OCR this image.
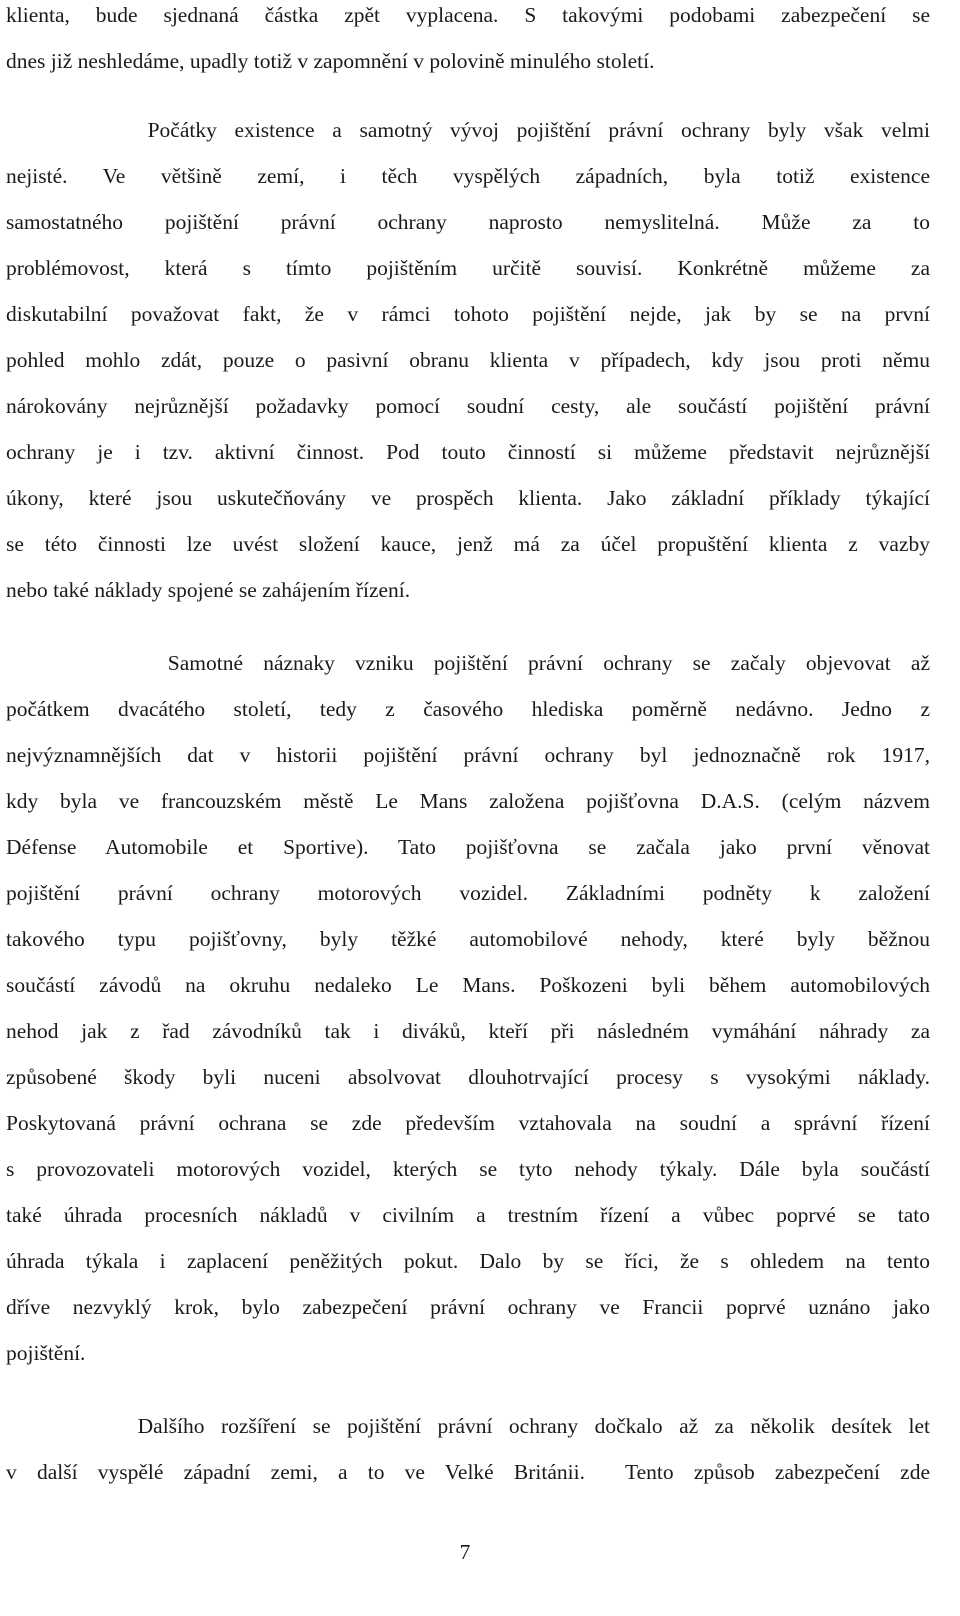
klienta, bude sjednaná částka zpět vyplacena. S takovými podobami zabezpečení se
dnes již neshledáme, upadly totiž v zapomnění v polovině minulého století.
Počátky existence a samotný vývoj pojištění právní ochrany byly však velmi
nejisté. Ve většině zemí, i těch vyspělých západních, byla totiž existence
samostatného pojištění právní ochrany naprosto nemyslitelná. Může za to
problémovost, která s tímto pojištěním určitě souvisí. Konkrétně můžeme za
diskutabilní považovat fakt, že v rámci tohoto pojištění nejde, jak by se na první
pohled mohlo zdát, pouze o pasivní obranu klienta v případech, kdy jsou proti němu
nárokovány nejrůznější požadavky pomocí soudní cesty, ale součástí pojištění právní
ochrany je i tzv. aktivní činnost. Pod touto činností si můžeme představit nejrůznější
úkony, které jsou uskutečňovány ve prospěch klienta. Jako základní příklady týkající
se této činnosti lze uvést složení kauce, jenž má za účel propuštění klienta z vazby
nebo také náklady spojené se zahájením řízení.
Samotné náznaky vzniku pojištění právní ochrany se začaly objevovat až
počátkem dvacátého století, tedy z časového hlediska poměrně nedávno. Jedno z
nejvýznamnějších dat v historii pojištění právní ochrany byl jednoznačně rok 1917,
kdy byla ve francouzském městě Le Mans založena pojišťovna D.A.S. (celým názvem
Défense Automobile et Sportive). Tato pojišťovna se začala jako první věnovat
pojištění právní ochrany motorových vozidel. Základními podněty k založení
takového typu pojišťovny, byly těžké automobilové nehody, které byly běžnou
součástí závodů na okruhu nedaleko Le Mans. Poškozeni byli během automobilových
nehod jak z řad závodníků tak i diváků, kteří při následném vymáhání náhrady za
způsobené škody byli nuceni absolvovat dlouhotrvající procesy s vysokými náklady.
Poskytovaná právní ochrana se zde především vztahovala na soudní a správní řízení
s provozovateli motorových vozidel, kterých se tyto nehody týkaly. Dále byla součástí
také úhrada procesních nákladů v civilním a trestním řízení a vůbec poprvé se tato
úhrada týkala i zaplacení peněžitých pokut. Dalo by se říci, že s ohledem na tento
dříve nezvyklý krok, bylo zabezpečení právní ochrany ve Francii poprvé uznáno jako
pojištění.
Dalšího rozšíření se pojištění právní ochrany dočkalo až za několik desítek let
v další vyspělé západní zemi, a to ve Velké Británii.  Tento způsob zabezpečení zde
7
